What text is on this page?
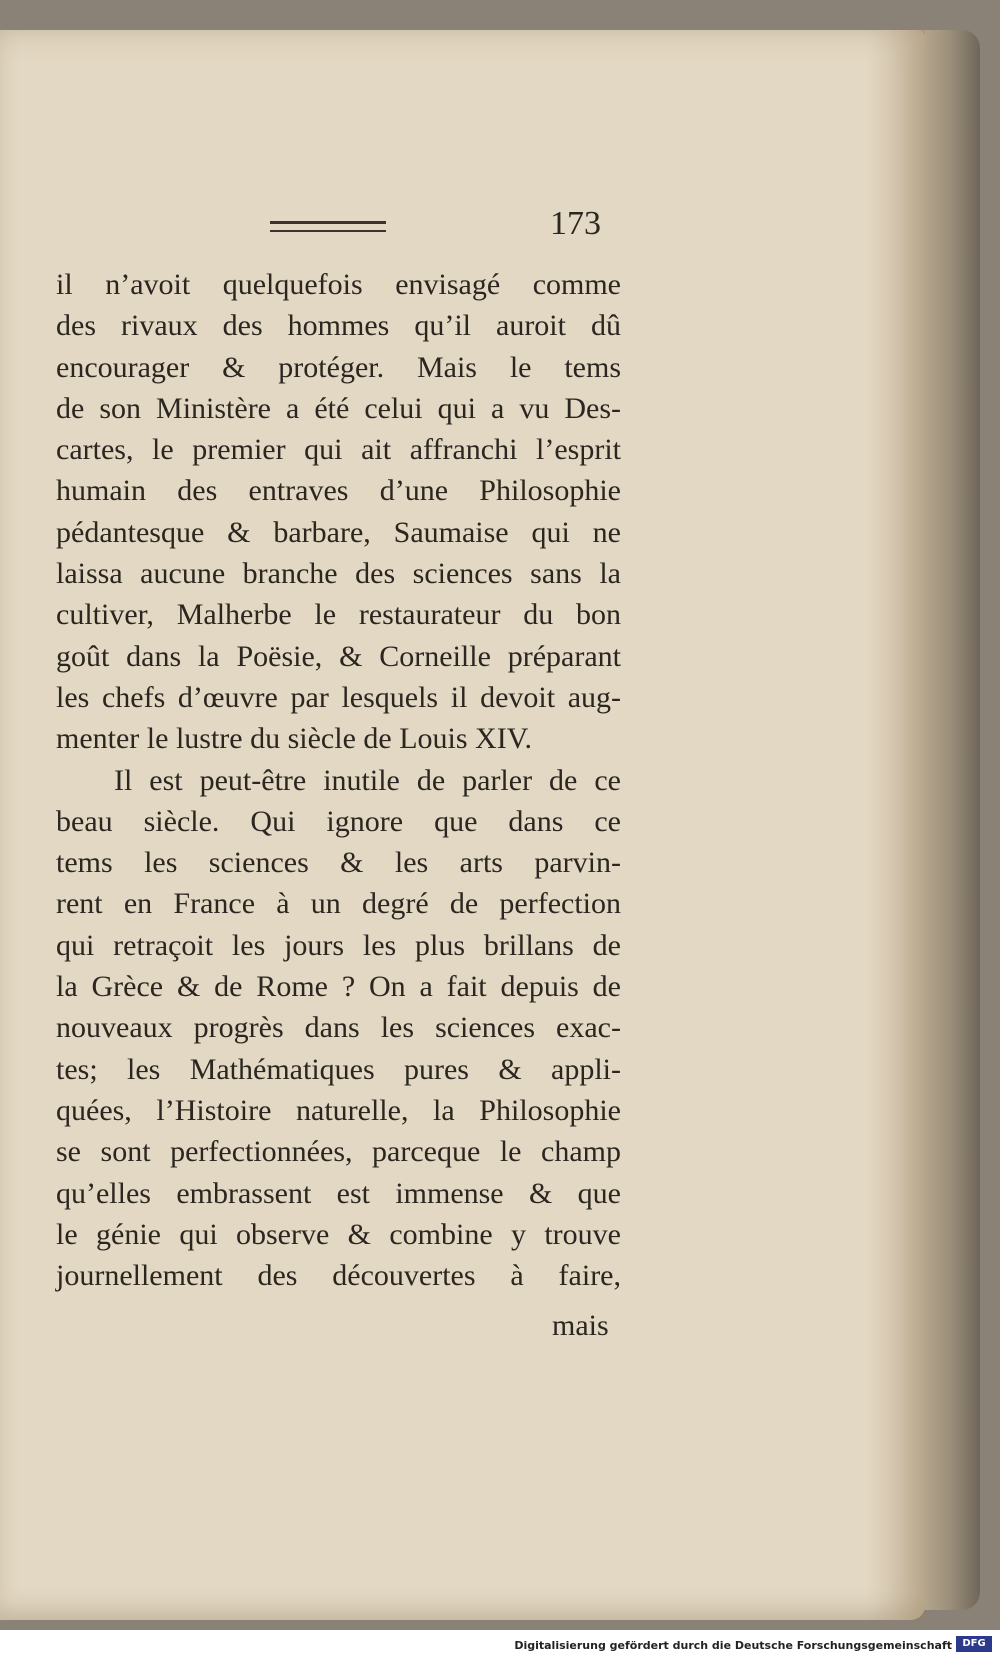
173
il n’avoit quelquefois envisagé comme
des rivaux des hommes qu’il auroit dû
encourager & protéger. Mais le tems
de son Ministère a été celui qui a vu Des-
cartes, le premier qui ait affranchi l’esprit
humain des entraves d’une Philosophie
pédantesque & barbare, Saumaise qui ne
laissa aucune branche des sciences sans la
cultiver, Malherbe le restaurateur du bon
goût dans la Poësie, & Corneille préparant
les chefs d’œuvre par lesquels il devoit aug-
menter le lustre du siècle de Louis XIV.
Il est peut-être inutile de parler de ce
beau siècle. Qui ignore que dans ce
tems les sciences & les arts parvin-
rent en France à un degré de perfection
qui retraçoit les jours les plus brillans de
la Grèce & de Rome ? On a fait depuis de
nouveaux progrès dans les sciences exac-
tes; les Mathématiques pures & appli-
quées, l’Histoire naturelle, la Philosophie
se sont perfectionnées, parceque le champ
qu’elles embrassent est immense & que
le génie qui observe & combine y trouve
journellement des découvertes à faire,
mais
Digitalisierung gefördert durch die Deutsche Forschungsgemeinschaft	DFG
